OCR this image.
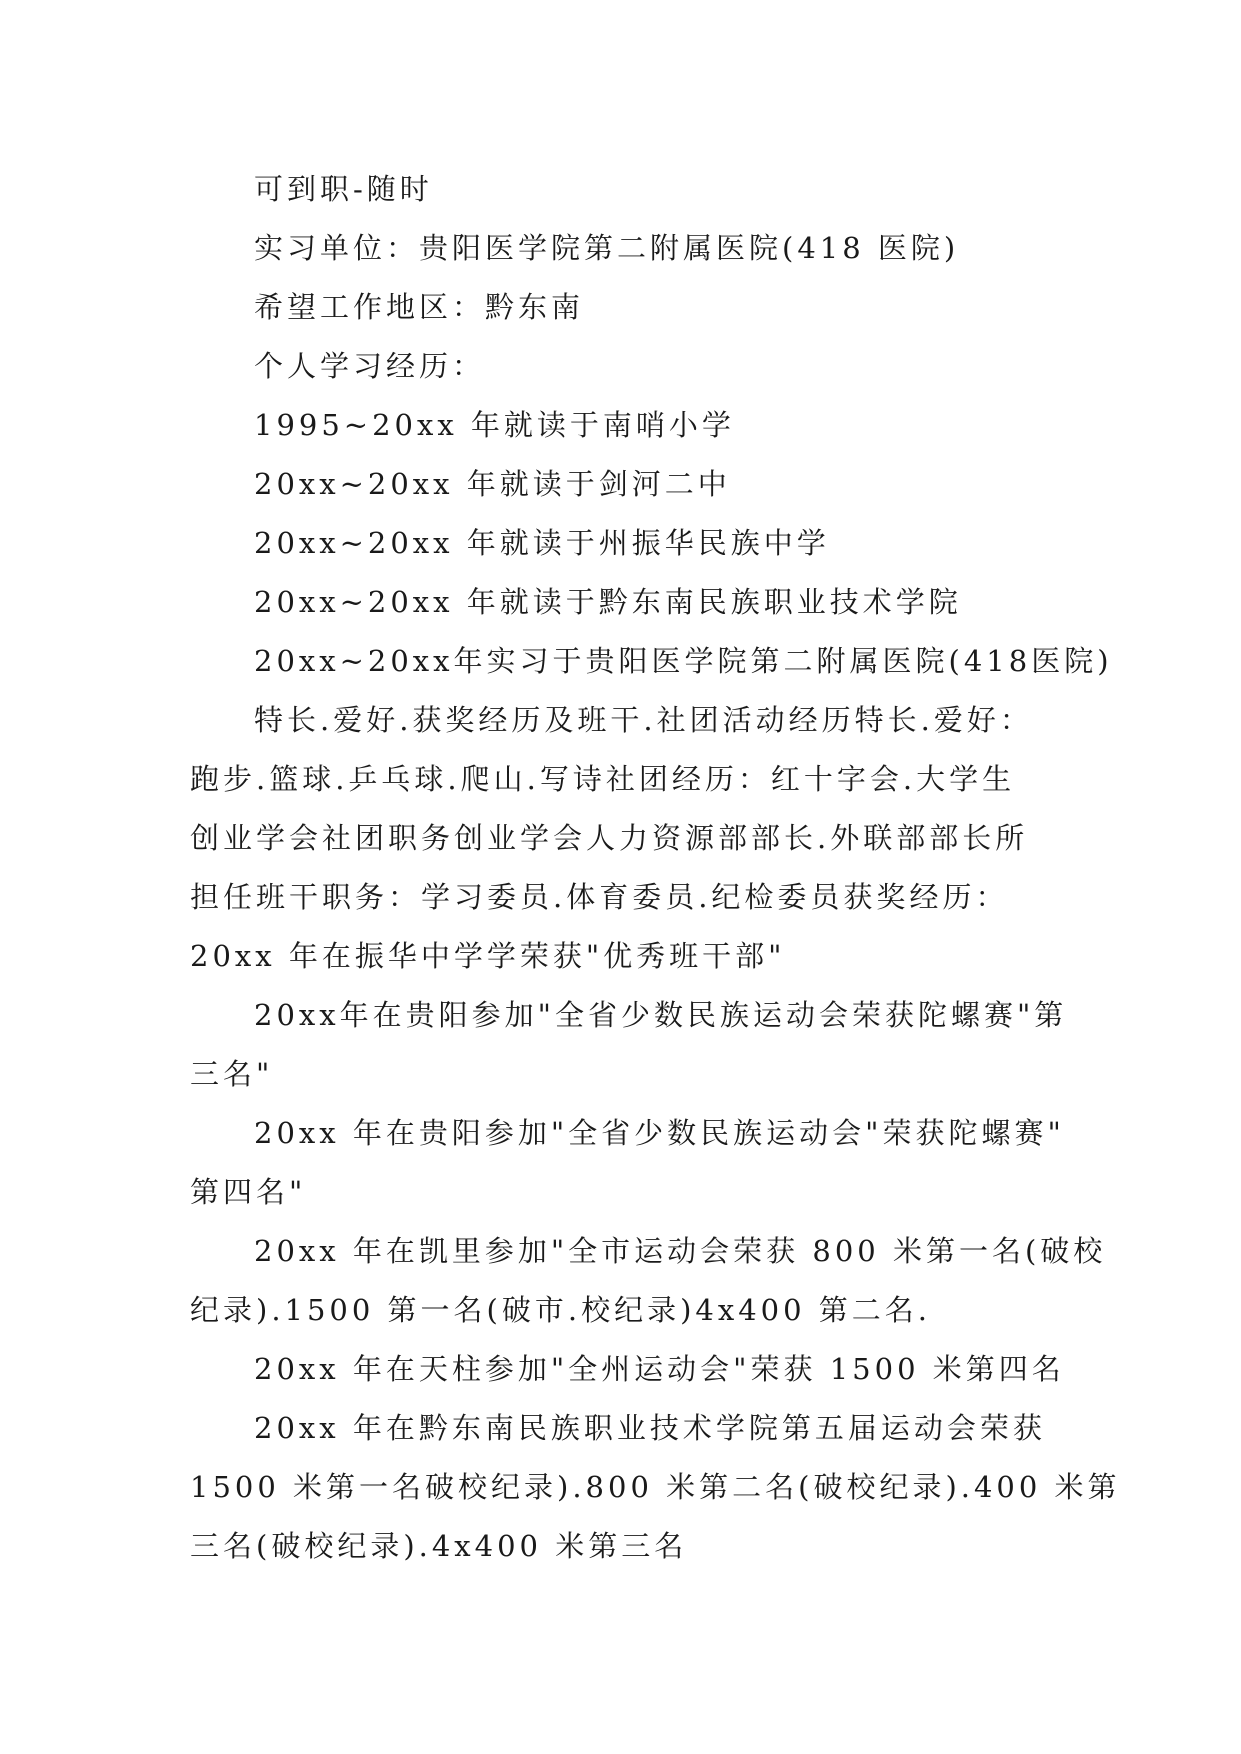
可到职-随时

实习单位：贵阳医学院第二附属医院(418 医院)

希望工作地区：黔东南

个人学习经历：

1995~20xx 年就读于南哨小学

20xx~20xx 年就读于剑河二中

20xx~20xx 年就读于州振华民族中学

20xx~20xx 年就读于黔东南民族职业技术学院

20xx~20xx年实习于贵阳医学院第二附属医院(418医院)

特长.爱好.获奖经历及班干.社团活动经历特长.爱好：
跑步.篮球.乒乓球.爬山.写诗社团经历：红十字会.大学生
创业学会社团职务创业学会人力资源部部长.外联部部长所
担任班干职务：学习委员.体育委员.纪检委员获奖经历：
20xx 年在振华中学学荣获"优秀班干部"
20xx年在贵阳参加"全省少数民族运动会荣获陀螺赛"第
三名"
20xx 年在贵阳参加"全省少数民族运动会"荣获陀螺赛"
第四名"
20xx 年在凯里参加"全市运动会荣获 800 米第一名(破校
纪录).1500 第一名(破市.校纪录)4x400 第二名.
20xx 年在天柱参加"全州运动会"荣获 1500 米第四名
20xx 年在黔东南民族职业技术学院第五届运动会荣获
1500 米第一名破校纪录).800 米第二名(破校纪录).400 米第
三名(破校纪录).4x400 米第三名
